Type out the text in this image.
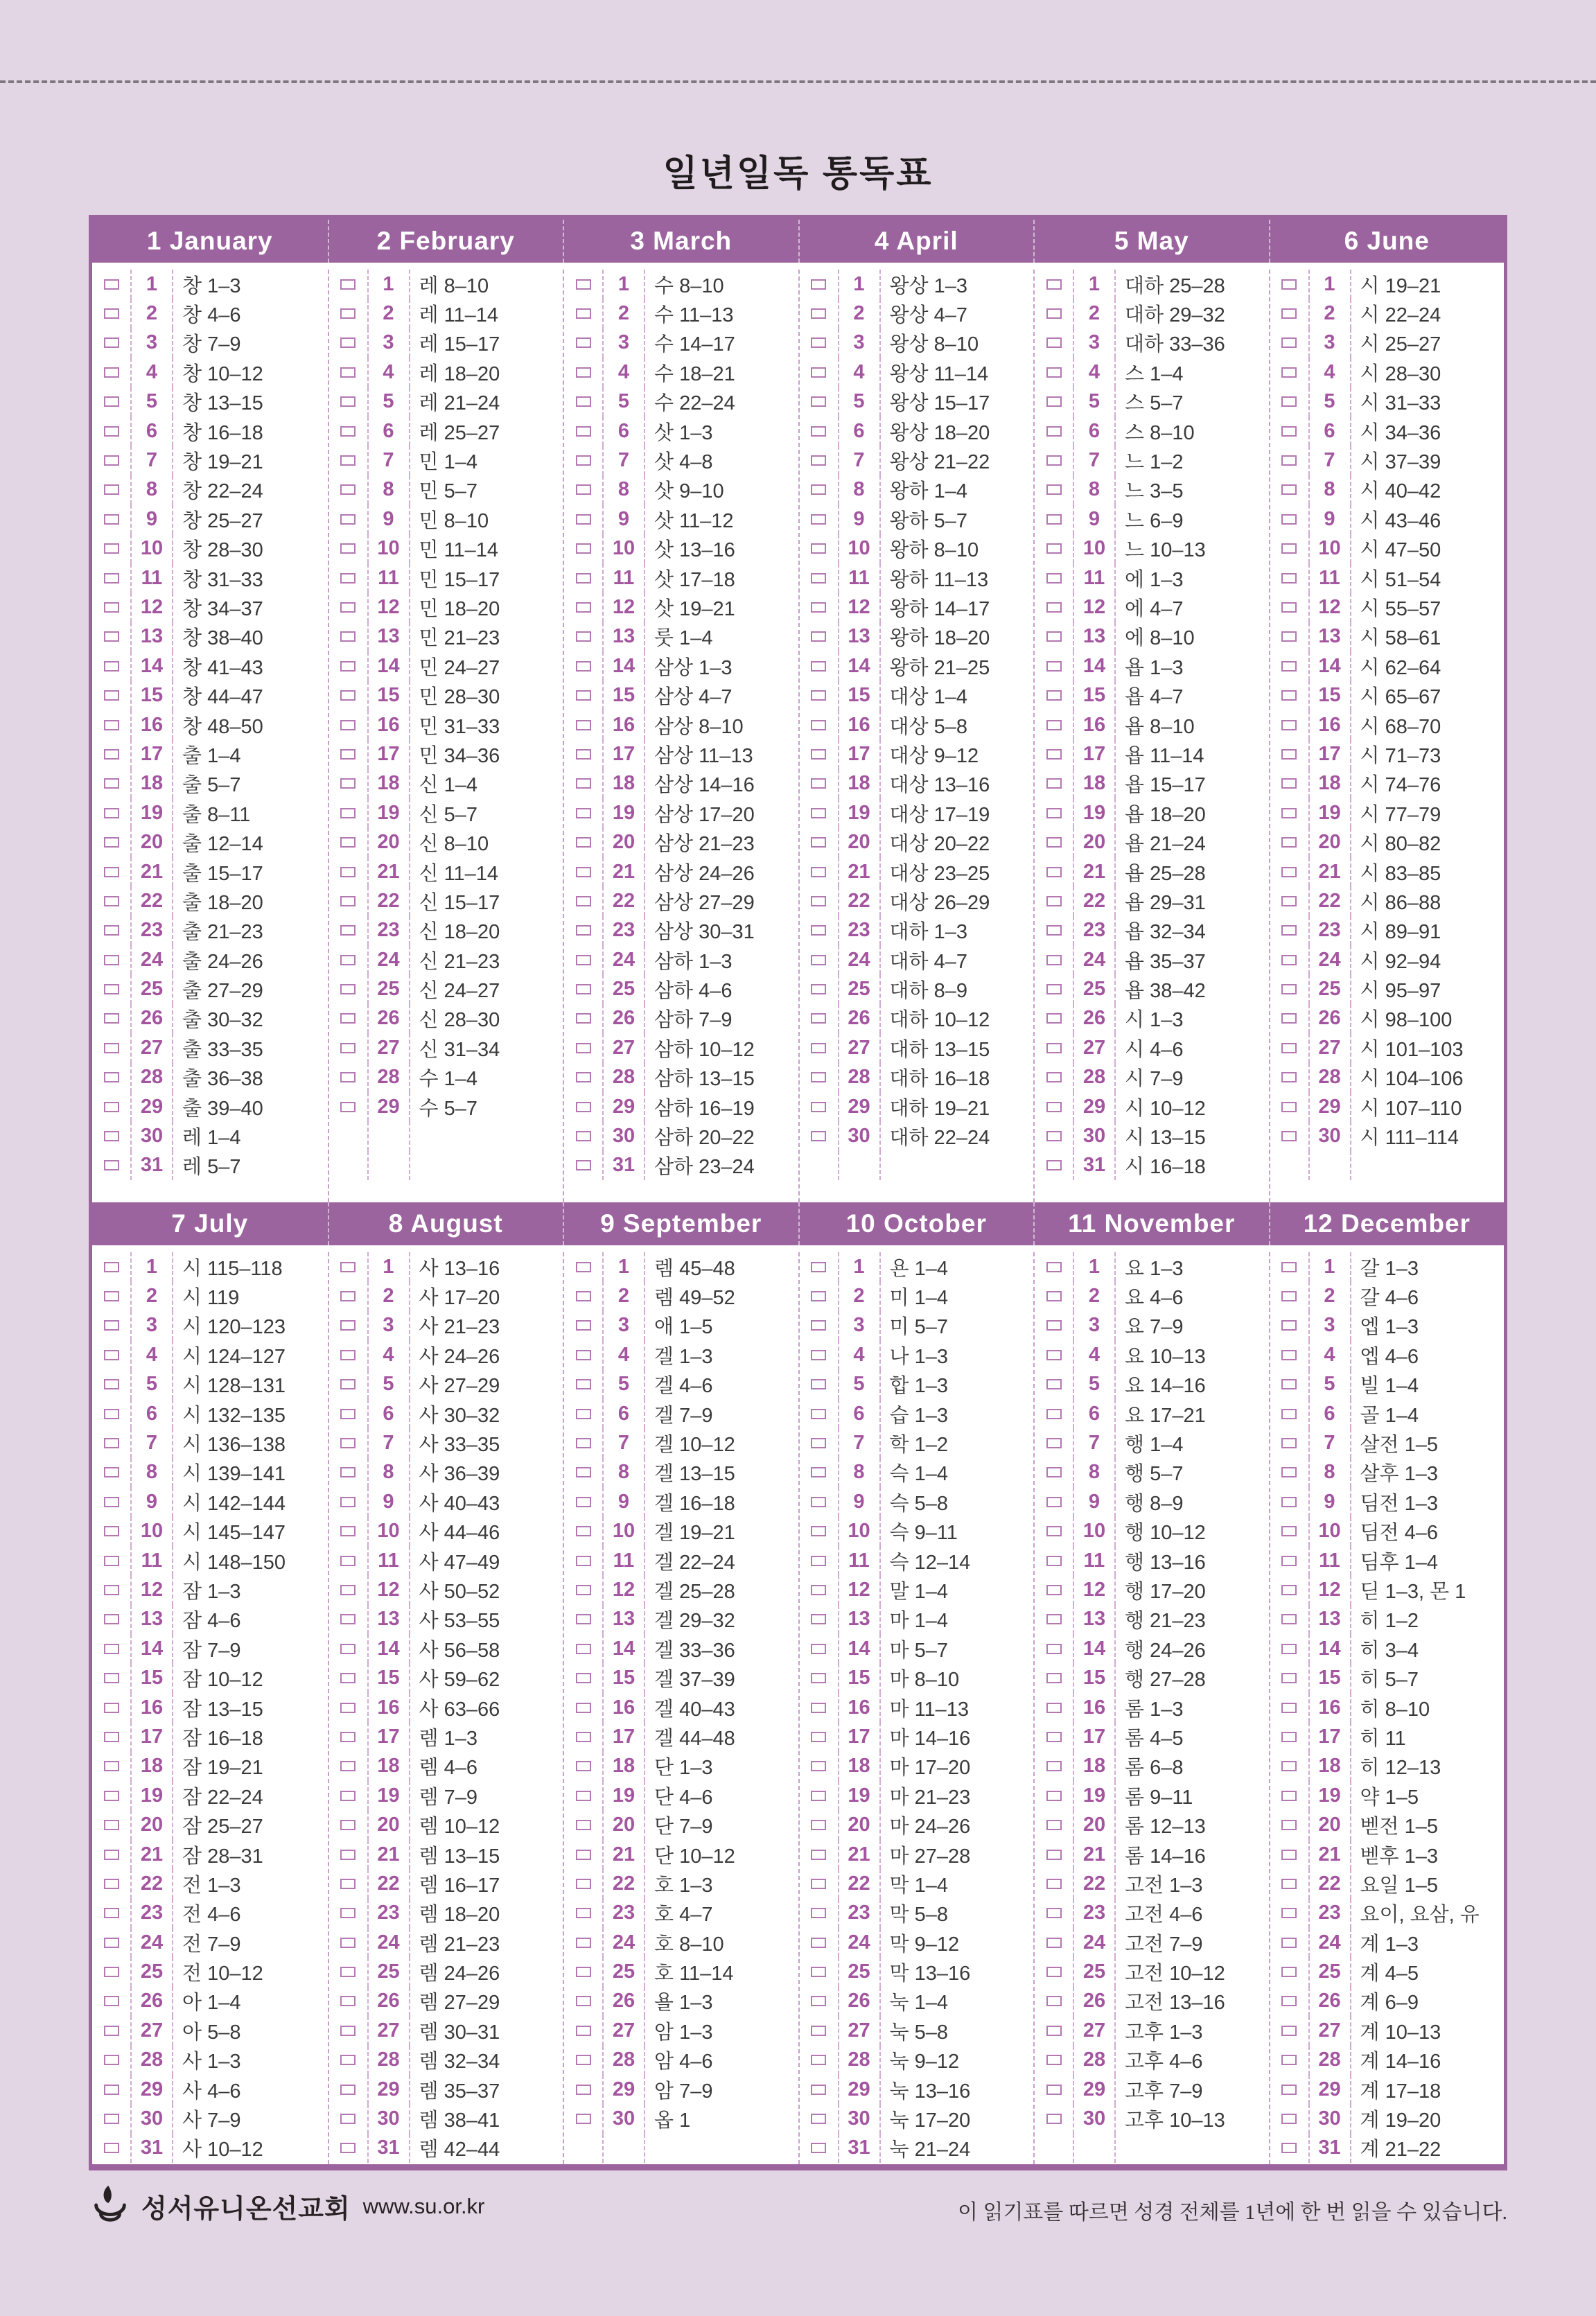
일년일독 통독표
1 January	2 February	3 March	4 April	5 May	6 June
1	창 1–3
2	창 4–6
3	창 7–9
4	창 10–12
5	창 13–15
6	창 16–18
7	창 19–21
8	창 22–24
9	창 25–27
10 창 28–30
11 창 31–33
12 창 34–37
13 창 38–40
14 창 41–43
15 창 44–47
16 창 48–50
17 출 1–4
18 출 5–7
19 출 8–11
20 출 12–14
21 출 15–17
22 출 18–20
23 출 21–23
24 출 24–26
25 출 27–29
26 출 30–32
27 출 33–35
28 출 36–38
29 출 39–40
30 레 1–4
31 레 5–7
1	레 8–10
2	레 11–14
3	레 15–17
4	레 18–20
5	레 21–24
6	레 25–27
7	민 1–4
8	민 5–7
9	민 8–10
10 민 11–14
11 민 15–17
12 민 18–20
13 민 21–23
14 민 24–27
15 민 28–30
16 민 31–33
17 민 34–36
18 신 1–4
19 신 5–7
20 신 8–10
21 신 11–14
22 신 15–17
23 신 18–20
24 신 21–23
25 신 24–27
26 신 28–30
27 신 31–34
28 수 1–4
29 수 5–7
1	수 8–10
2	수 11–13
3	수 14–17
4	수 18–21
5	수 22–24
6	삿 1–3
7	삿 4–8
8	삿 9–10
9	삿 11–12
10 삿 13–16
11 삿 17–18
12 삿 19–21
13 룻 1–4
14 삼상 1–3
15 삼상 4–7
16 삼상 8–10
17 삼상 11–13
18 삼상 14–16
19 삼상 17–20
20 삼상 21–23
21 삼상 24–26
22 삼상 27–29
23 삼상 30–31
24 삼하 1–3
25 삼하 4–6
26 삼하 7–9
27 삼하 10–12
28 삼하 13–15
29 삼하 16–19
30 삼하 20–22
31 삼하 23–24
1	왕상 1–3
2	왕상 4–7
3	왕상 8–10
4	왕상 11–14
5	왕상 15–17
6	왕상 18–20
7	왕상 21–22
8	왕하 1–4
9	왕하 5–7
10 왕하 8–10
11 왕하 11–13
12 왕하 14–17
13 왕하 18–20
14 왕하 21–25
15 대상 1–4
16 대상 5–8
17 대상 9–12
18 대상 13–16
19 대상 17–19
20 대상 20–22
21 대상 23–25
22 대상 26–29
23 대하 1–3
24 대하 4–7
25 대하 8–9
26 대하 10–12
27 대하 13–15
28 대하 16–18
29 대하 19–21
30 대하 22–24
1	대하 25–28
2	대하 29–32
3	대하 33–36
4	스 1–4
5	스 5–7
6	스 8–10
7	느 1–2
8	느 3–5
9	느 6–9
10 느 10–13
11 에 1–3
12 에 4–7
13 에 8–10
14 욥 1–3
15 욥 4–7
16 욥 8–10
17 욥 11–14
18 욥 15–17
19 욥 18–20
20 욥 21–24
21 욥 25–28
22 욥 29–31
23 욥 32–34
24 욥 35–37
25 욥 38–42
26 시 1–3
27 시 4–6
28 시 7–9
29 시 10–12
30 시 13–15
31 시 16–18
1	시 19–21
2	시 22–24
3	시 25–27
4	시 28–30
5	시 31–33
6	시 34–36
7	시 37–39
8	시 40–42
9	시 43–46
10 시 47–50
11 시 51–54
12 시 55–57
13 시 58–61
14 시 62–64
15 시 65–67
16 시 68–70
17 시 71–73
18 시 74–76
19 시 77–79
20 시 80–82
21 시 83–85
22 시 86–88
23 시 89–91
24 시 92–94
25 시 95–97
26 시 98–100
27 시 101–103
28 시 104–106
29 시 107–110
30 시 111–114
7 July	8 August	9 September	10 October	11 November	12 December
1	시 115–118
2	시 119
3	시 120–123
4	시 124–127
5	시 128–131
6	시 132–135
7	시 136–138
8	시 139–141
9	시 142–144
10 시 145–147
11 시 148–150
12 잠 1–3
13 잠 4–6
14 잠 7–9
15 잠 10–12
16 잠 13–15
17 잠 16–18
18 잠 19–21
19 잠 22–24
20 잠 25–27
21 잠 28–31
22 전 1–3
23 전 4–6
24 전 7–9
25 전 10–12
26 아 1–4
27 아 5–8
28 사 1–3
29 사 4–6
30 사 7–9
31 사 10–12
1	사 13–16
2	사 17–20
3	사 21–23
4	사 24–26
5	사 27–29
6	사 30–32
7	사 33–35
8	사 36–39
9	사 40–43
10 사 44–46
11 사 47–49
12 사 50–52
13 사 53–55
14 사 56–58
15 사 59–62
16 사 63–66
17 렘 1–3
18 렘 4–6
19 렘 7–9
20 렘 10–12
21 렘 13–15
22 렘 16–17
23 렘 18–20
24 렘 21–23
25 렘 24–26
26 렘 27–29
27 렘 30–31
28 렘 32–34
29 렘 35–37
30 렘 38–41
31 렘 42–44
1	렘 45–48
2	렘 49–52
3	애 1–5
4	겔 1–3
5	겔 4–6
6	겔 7–9
7	겔 10–12
8	겔 13–15
9	겔 16–18
10 겔 19–21
11 겔 22–24
12 겔 25–28
13 겔 29–32
14 겔 33–36
15 겔 37–39
16 겔 40–43
17 겔 44–48
18 단 1–3
19 단 4–6
20 단 7–9
21 단 10–12
22 호 1–3
23 호 4–7
24 호 8–10
25 호 11–14
26 욜 1–3
27 암 1–3
28 암 4–6
29 암 7–9
30 옵 1
1	욘 1–4
2	미 1–4
3	미 5–7
4	나 1–3
5	합 1–3
6	습 1–3
7	학 1–2
8	슥 1–4
9	슥 5–8
10 슥 9–11
11 슥 12–14
12 말 1–4
13 마 1–4
14 마 5–7
15 마 8–10
16 마 11–13
17 마 14–16
18 마 17–20
19 마 21–23
20 마 24–26
21 마 27–28
22 막 1–4
23 막 5–8
24 막 9–12
25 막 13–16
26 눅 1–4
27 눅 5–8
28 눅 9–12
29 눅 13–16
30 눅 17–20
31 눅 21–24
1	요 1–3
2	요 4–6
3	요 7–9
4	요 10–13
5	요 14–16
6	요 17–21
7	행 1–4
8	행 5–7
9	행 8–9
10 행 10–12
11 행 13–16
12 행 17–20
13 행 21–23
14 행 24–26
15 행 27–28
16 롬 1–3
17 롬 4–5
18 롬 6–8
19 롬 9–11
20 롬 12–13
21 롬 14–16
22 고전 1–3
23 고전 4–6
24 고전 7–9
25 고전 10–12
26 고전 13–16
27 고후 1–3
28 고후 4–6
29 고후 7–9
30 고후 10–13
1	갈 1–3
2	갈 4–6
3	엡 1–3
4	엡 4–6
5	빌 1–4
6	골 1–4
7	살전 1–5
8	살후 1–3
9	딤전 1–3
10 딤전 4–6
11 딤후 1–4
12 딛 1–3, 몬 1
13 히 1–2
14 히 3–4
15 히 5–7
16 히 8–10
17 히 11
18 히 12–13
19 약 1–5
20 벧전 1–5
21 벧후 1–3
22 요일 1–5
23 요이, 요삼, 유
24 계 1–3
25 계 4–5
26 계 6–9
27 계 10–13
28 계 14–16
29 계 17–18
30 계 19–20
31 계 21–22
성서유니온선교회 www.su.or.kr	이 읽기표를 따르면 성경 전체를 1년에 한 번 읽을 수 있습니다.
